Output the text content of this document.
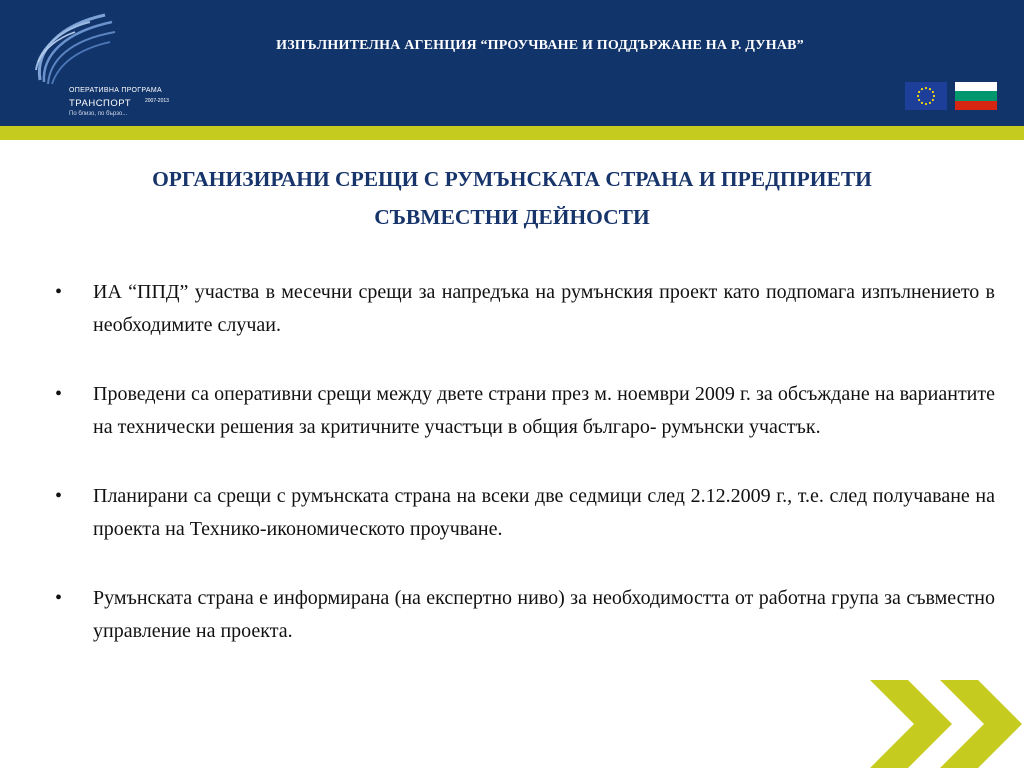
ОПЕРАТИВНА ПРОГРАМА
ТРАНСПОРТ	2007-2013
По близо, по бързо...
ИЗПЪЛНИТЕЛНА АГЕНЦИЯ “ПРОУЧВАНЕ И ПОДДЪРЖАНЕ НА Р. ДУНАВ”
ОРГАНИЗИРАНИ СРЕЩИ С РУМЪНСКАТА СТРАНА И ПРЕДПРИЕТИ
СЪВМЕСТНИ ДЕЙНОСТИ
• ИА “ППД” участва в месечни срещи за напредъка на румънския проект като подпомага изпълнението в необходимите случаи.
• Проведени са оперативни срещи между двете страни през м. ноември 2009 г. за обсъждане на вариантите на технически решения за критичните участъци в общия българо- румънски участък.
• Планирани са срещи с румънската страна на всеки две седмици след 2.12.2009 г., т.е. след получаване на проекта на Технико-икономическото проучване.
• Румънската страна е информирана (на експертно ниво) за необходимостта от работна група за съвместно управление на проекта.
